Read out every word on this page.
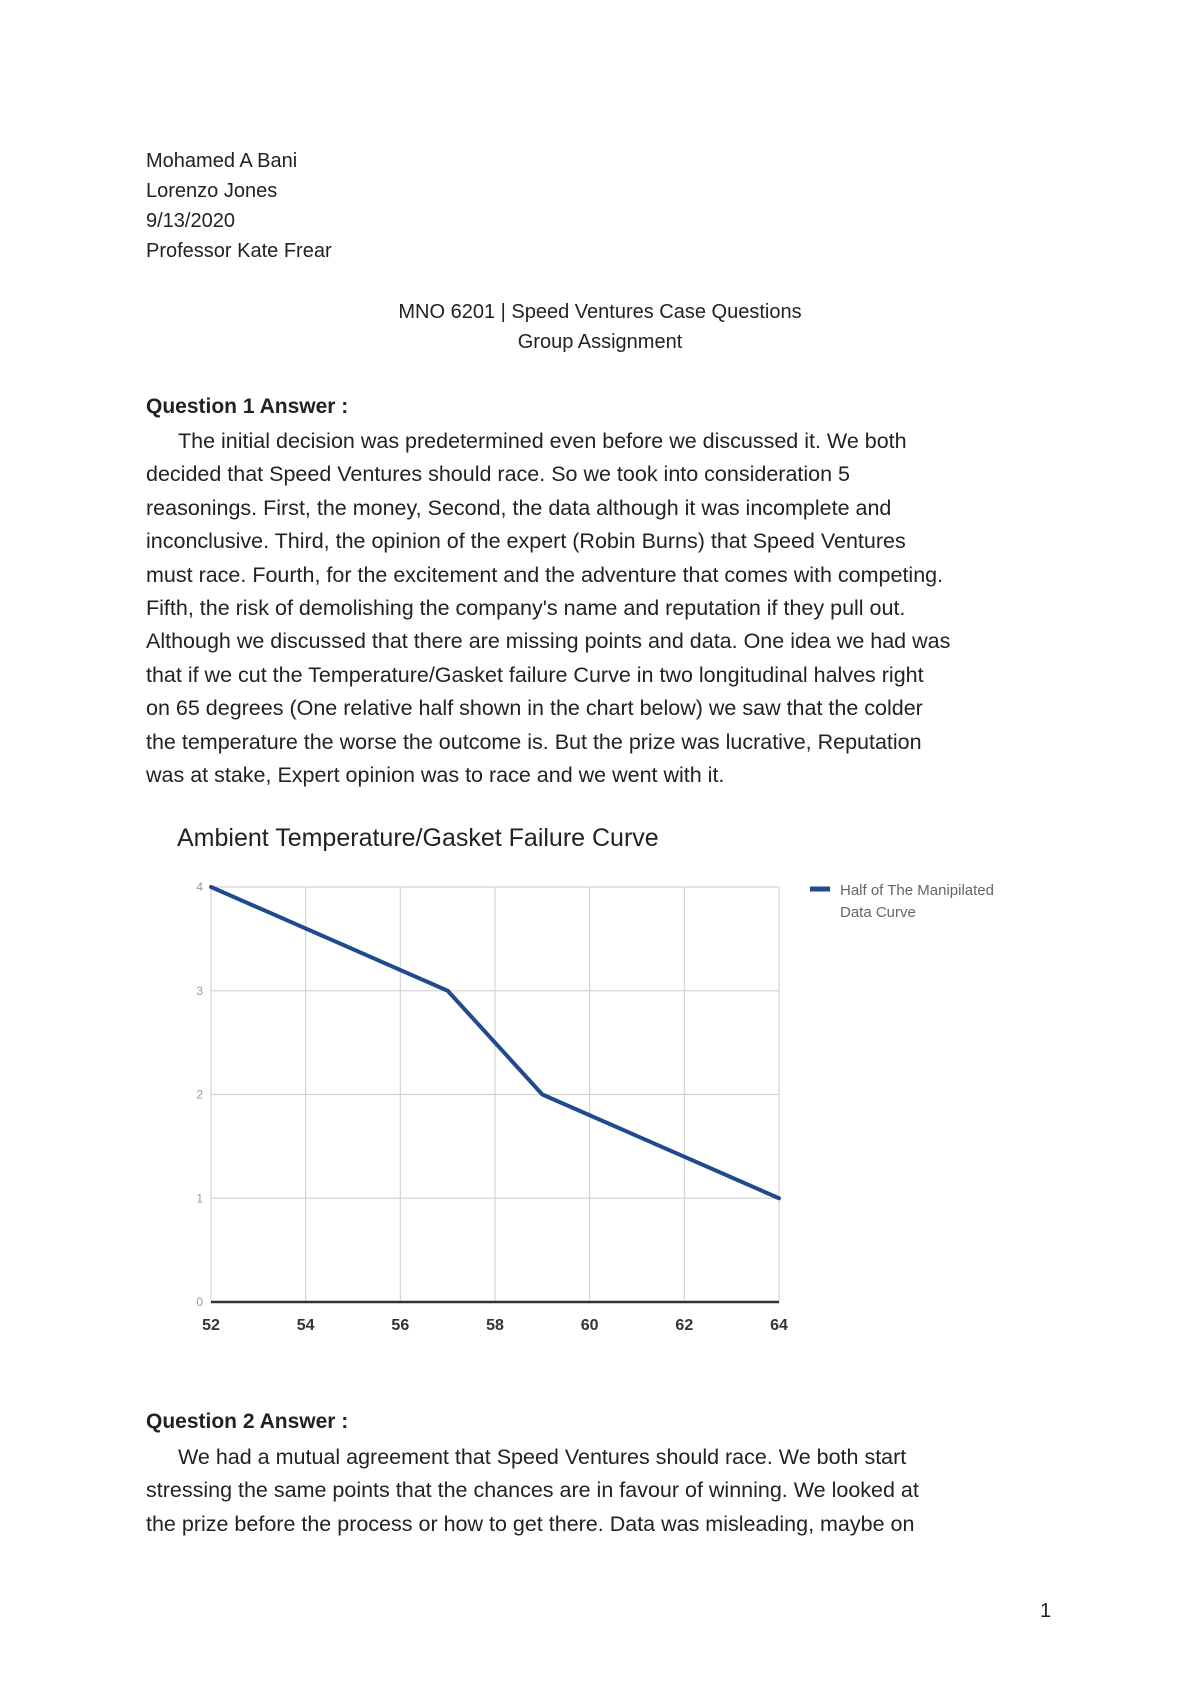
Mohamed A Bani
Lorenzo Jones
9/13/2020
Professor Kate Frear
MNO 6201 | Speed Ventures Case Questions
Group Assignment
Question 1 Answer :
The initial decision was predetermined even before we discussed it. We both
decided that Speed Ventures should race. So we took into consideration 5
reasonings. First, the money, Second, the data although it was incomplete and
inconclusive. Third, the opinion of the expert (Robin Burns) that Speed Ventures
must race. Fourth, for the excitement and the adventure that comes with competing.
Fifth, the risk of demolishing the company's name and reputation if they pull out.
Although we discussed that there are missing points and data. One idea we had was
that if we cut the Temperature/Gasket failure Curve in two longitudinal halves right
on 65 degrees (One relative half shown in the chart below) we saw that the colder
the temperature the worse the outcome is. But the prize was lucrative, Reputation
was at stake, Expert opinion was to race and we went with it.
Ambient Temperature/Gasket Failure Curve
0
1
2
3
4
52	54	56	58	60	62	64
Half of The Manipilated
Data Curve
Question 2 Answer :
We had a mutual agreement that Speed Ventures should race. We both start
stressing the same points that the chances are in favour of winning. We looked at
the prize before the process or how to get there. Data was misleading, maybe on
1
